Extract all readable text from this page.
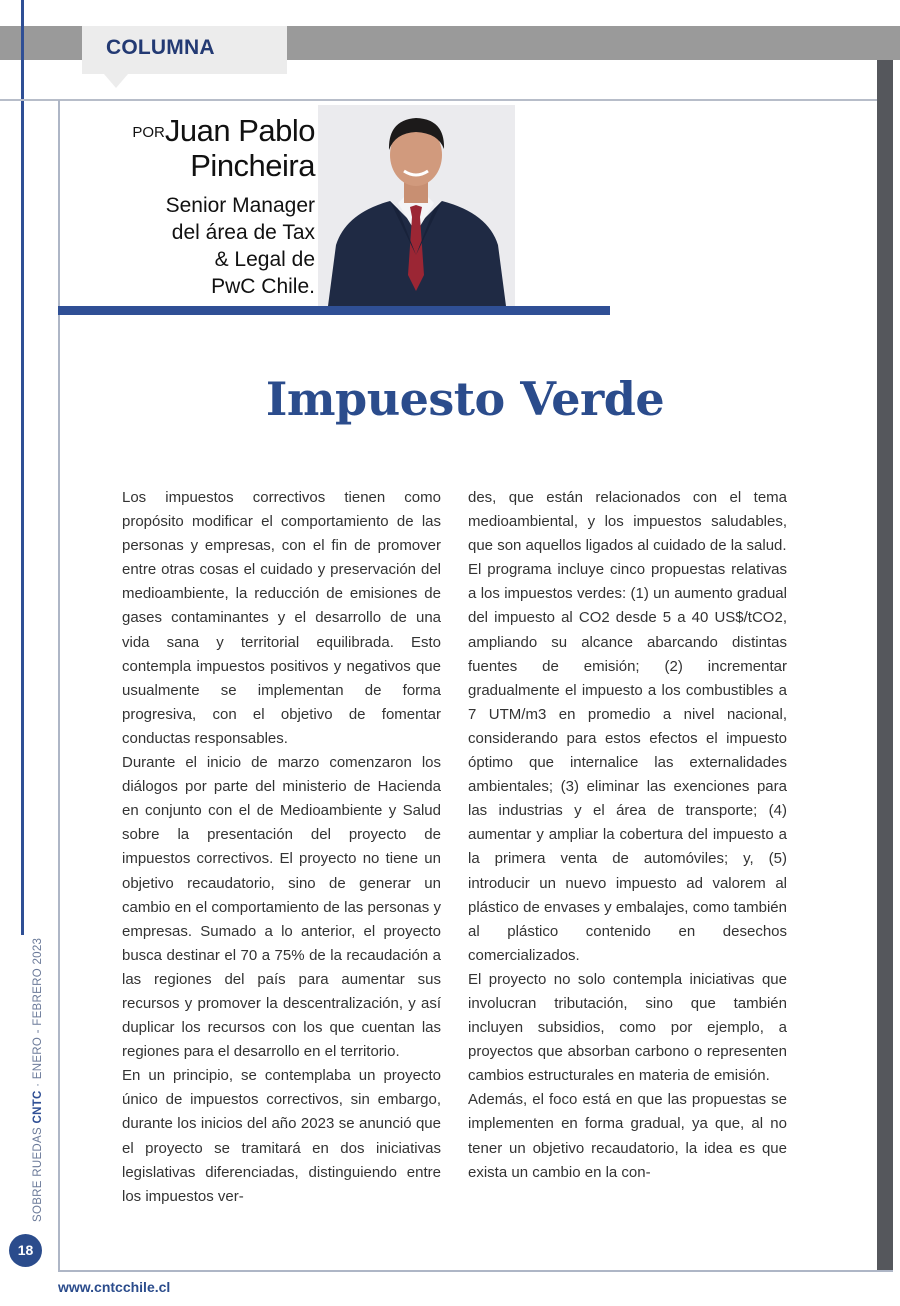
COLUMNA
PORJuan Pablo
Pincheira
Senior Manager
del área de Tax
& Legal de
PwC Chile.
Impuesto Verde

Los impuestos correctivos tienen como propósito modificar el comportamiento de las personas y empresas, con el fin de promover entre otras cosas el cuidado y preservación del medioambiente, la reducción de emisiones de gases contaminantes y el desarrollo de una vida sana y territorial equilibrada. Esto contempla impuestos positivos y negativos que usualmente se implementan de forma progresiva, con el objetivo de fomentar conductas responsables.

Durante el inicio de marzo comenzaron los diálogos por parte del ministerio de Hacienda en conjunto con el de Medioambiente y Salud sobre la presentación del proyecto de impuestos correctivos. El proyecto no tiene un objetivo recaudatorio, sino de generar un cambio en el comportamiento de las personas y empresas. Sumado a lo anterior, el proyecto busca destinar el 70 a 75% de la recaudación a las regiones del país para aumentar sus recursos y promover la descentralización, y así duplicar los recursos con los que cuentan las regiones para el desarrollo en el territorio.

En un principio, se contemplaba un proyecto único de impuestos correctivos, sin embargo, durante los inicios del año 2023 se anunció que el proyecto se tramitará en dos iniciativas legislativas diferenciadas, distinguiendo entre los impuestos ver-

des, que están relacionados con el tema medioambiental, y los impuestos saludables, que son aquellos ligados al cuidado de la salud.

El programa incluye cinco propuestas relativas a los impuestos verdes: (1) un aumento gradual del impuesto al CO2 desde 5 a 40 US$/tCO2, ampliando su alcance abarcando distintas fuentes de emisión; (2) incrementar gradualmente el impuesto a los combustibles a 7 UTM/m3 en promedio a nivel nacional, considerando para estos efectos el impuesto óptimo que internalice las externalidades ambientales; (3) eliminar las exenciones para las industrias y el área de transporte; (4) aumentar y ampliar la cobertura del impuesto a la primera venta de automóviles; y, (5) introducir un nuevo impuesto ad valorem al plástico de envases y embalajes, como también al plástico contenido en desechos comercializados.

El proyecto no solo contempla iniciativas que involucran tributación, sino que también incluyen subsidios, como por ejemplo, a proyectos que absorban carbono o representen cambios estructurales en materia de emisión.

Además, el foco está en que las propuestas se implementen en forma gradual, ya que, al no tener un objetivo recaudatorio, la idea es que exista un cambio en la con-

SOBRE RUEDAS CNTC · ENERO - FEBRERO 2023
18
www.cntcchile.cl
